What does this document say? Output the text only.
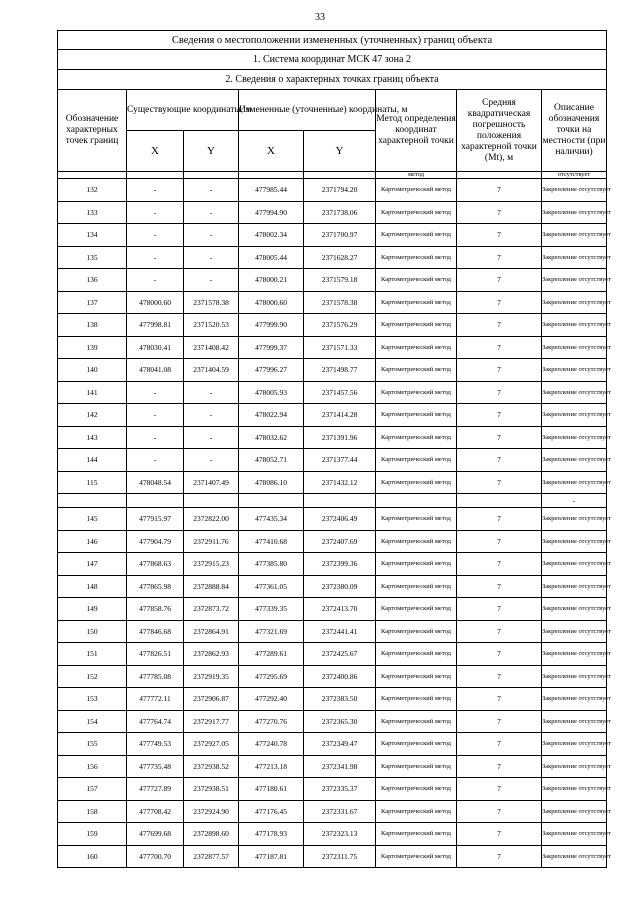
33
Сведения о местоположении измененных (уточненных) границ объекта							
1. Система координат МСК 47 зона 2							
2. Сведения о характерных точках границ объекта							
Обозначение характерных точек границ	Существующие координаты, м		Измененные (уточненные) координаты, м		Метод определения координат характерной точки	Средняя квадратическая погрешность положения характерной точки (Mt), м	Описание обозначения точки на местности (при наличии)
	X	Y	X	Y			
					метод		отсутствует
132	-	-	477985.44	2371794.20	Картометрический метод	7	Закрепление отсутствует
133	-	-	477994.90	2371738.06	Картометрический метод	7	Закрепление отсутствует
134	-	-	478002.34	2371700.97	Картометрический метод	7	Закрепление отсутствует
135	-	-	478005.44	2371628.27	Картометрический метод	7	Закрепление отсутствует
136	-	-	478000.21	2371579.18	Картометрический метод	7	Закрепление отсутствует
137	478000.60	2371578.38	478000.60	2371578.38	Картометрический метод	7	Закрепление отсутствует
138	477998.81	2371520.53	477999.90	2371576.29	Картометрический метод	7	Закрепление отсутствует
139	478030.41	2371408.42	477999.37	2371571.33	Картометрический метод	7	Закрепление отсутствует
140	478041.08	2371404.59	477996.27	2371498.77	Картометрический метод	7	Закрепление отсутствует
141	-	-	478005.93	2371457.56	Картометрический метод	7	Закрепление отсутствует
142	-	-	478022.94	2371414.28	Картометрический метод	7	Закрепление отсутствует
143	-	-	478032.62	2371391.96	Картометрический метод	7	Закрепление отсутствует
144	-	-	478052.71	2371377.44	Картометрический метод	7	Закрепление отсутствует
115	478048.54	2371407.49	478086.10	2371432.12	Картометрический метод	7	Закрепление отсутствует
							-
145	477915.97	2372822.00	477435.34	2372406.49	Картометрический метод	7	Закрепление отсутствует
146	477904.79	2372911.76	477410.68	2372407.69	Картометрический метод	7	Закрепление отсутствует
147	477868.63	2372915.23	477385.80	2372399.36	Картометрический метод	7	Закрепление отсутствует
148	477865.98	2372888.84	477361.05	2372380.09	Картометрический метод	7	Закрепление отсутствует
149	477858.76	2372873.72	477339.35	2372413.70	Картометрический метод	7	Закрепление отсутствует
150	477846.68	2372864.91	477321.69	2372441.41	Картометрический метод	7	Закрепление отсутствует
151	477826.51	2372862.93	477289.61	2372425.67	Картометрический метод	7	Закрепление отсутствует
152	477785.08	2372919.35	477295.69	2372400.86	Картометрический метод	7	Закрепление отсутствует
153	477772.11	2372906.87	477292.40	2372383.50	Картометрический метод	7	Закрепление отсутствует
154	477764.74	2372917.77	477270.76	2372365.30	Картометрический метод	7	Закрепление отсутствует
155	477749.53	2372927.05	477240.78	2372349.47	Картометрический метод	7	Закрепление отсутствует
156	477735.48	2372938.52	477213.18	2372341.98	Картометрический метод	7	Закрепление отсутствует
157	477727.89	2372938.51	477180.61	2372335.37	Картометрический метод	7	Закрепление отсутствует
158	477708.42	2372924.90	477176.45	2372331.67	Картометрический метод	7	Закрепление отсутствует
159	477699.68	2372898.60	477178.93	2372323.13	Картометрический метод	7	Закрепление отсутствует
160	477700.70	2372877.57	477187.81	2372311.75	Картометрический метод	7	Закрепление отсутствует
